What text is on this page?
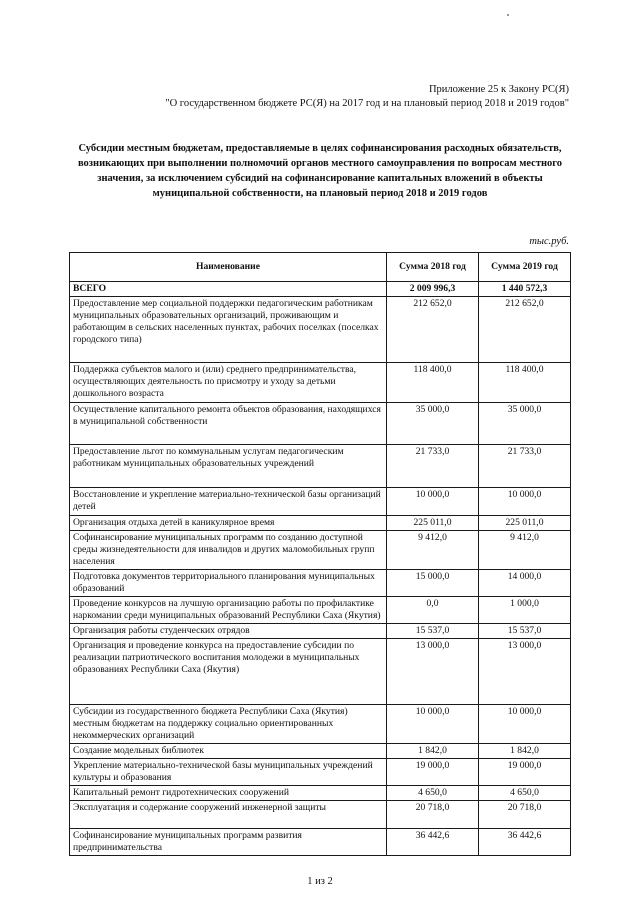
Приложение 25 к Закону РС(Я)
"О государственном бюджете РС(Я) на 2017 год и на плановый период 2018 и 2019 годов"
Субсидии местным бюджетам, предоставляемые в целях софинансирования расходных обязательств, возникающих при выполнении полномочий органов местного самоуправления по вопросам местного значения, за исключением субсидий на софинансирование капитальных вложений в объекты муниципальной собственности, на плановый период 2018 и 2019 годов
тыс.руб.
Наименование	Сумма 2018 год	Сумма 2019 год
ВСЕГО	2 009 996,3	1 440 572,3
Предоставление мер социальной поддержки педагогическим работникам муниципальных образовательных организаций, проживающим и работающим в сельских населенных пунктах, рабочих поселках (поселках городского типа)	212 652,0	212 652,0
Поддержка субъектов малого и (или) среднего предпринимательства, осуществляющих деятельность по присмотру и уходу за детьми дошкольного возраста	118 400,0	118 400,0
Осуществление капитального ремонта объектов образования, находящихся в муниципальной собственности	35 000,0	35 000,0
Предоставление льгот по коммунальным услугам педагогическим работникам муниципальных образовательных учреждений	21 733,0	21 733,0
Восстановление и укрепление материально-технической базы организаций детей	10 000,0	10 000,0
Организация отдыха детей в каникулярное время	225 011,0	225 011,0
Софинансирование муниципальных программ по созданию доступной среды жизнедеятельности для инвалидов и других маломобильных групп населения	9 412,0	9 412,0
Подготовка документов территориального планирования муниципальных образований	15 000,0	14 000,0
Проведение конкурсов на лучшую организацию работы по профилактике наркомании среди муниципальных образований Республики Саха (Якутия)	0,0	1 000,0
Организация работы студенческих отрядов	15 537,0	15 537,0
Организация и проведение конкурса на предоставление субсидии по реализации патриотического воспитания молодежи в муниципальных образованиях Республики Саха (Якутия)	13 000,0	13 000,0
Субсидии из государственного бюджета Республики Саха (Якутия) местным бюджетам на поддержку социально ориентированных некоммерческих организаций	10 000,0	10 000,0
Создание модельных библиотек	1 842,0	1 842,0
Укрепление материально-технической базы муниципальных учреждений культуры и образования	19 000,0	19 000,0
Капитальный ремонт гидротехнических сооружений	4 650,0	4 650,0
Эксплуатация и содержание сооружений инженерной защиты	20 718,0	20 718,0
Софинансирование муниципальных программ развития предпринимательства	36 442,6	36 442,6
1 из 2
